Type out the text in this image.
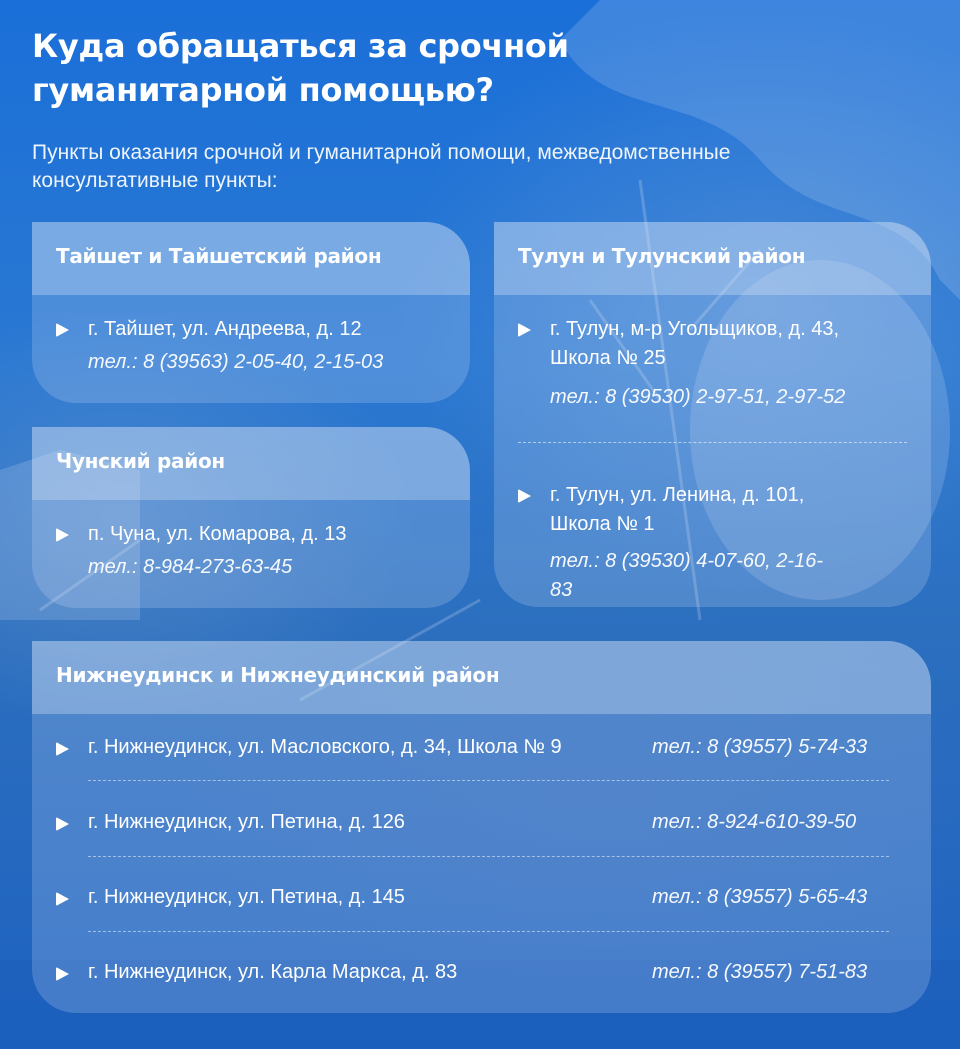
Куда обращаться за срочной гуманитарной помощью?
Пункты оказания срочной и гуманитарной помощи, межведомственные консультативные пункты:
Тайшет и Тайшетский район
г. Тайшет, ул. Андреева, д. 12
тел.: 8 (39563) 2-05-40, 2-15-03
Чунский район
п. Чуна, ул. Комарова, д. 13
тел.: 8-984-273-63-45
Тулун и Тулунский район
г. Тулун, м-р Угольщиков, д. 43, Школа № 25
тел.: 8 (39530) 2-97-51, 2-97-52
г. Тулун, ул. Ленина, д. 101, Школа № 1
тел.: 8 (39530) 4-07-60, 2-16-83
Нижнеудинск и Нижнеудинский район
г. Нижнеудинск, ул. Масловского, д. 34, Школа № 9	тел.: 8 (39557) 5-74-33
г. Нижнеудинск, ул. Петина, д. 126	тел.: 8-924-610-39-50
г. Нижнеудинск, ул. Петина, д. 145	тел.: 8 (39557) 5-65-43
г. Нижнеудинск, ул. Карла Маркса, д. 83	тел.: 8 (39557) 7-51-83
